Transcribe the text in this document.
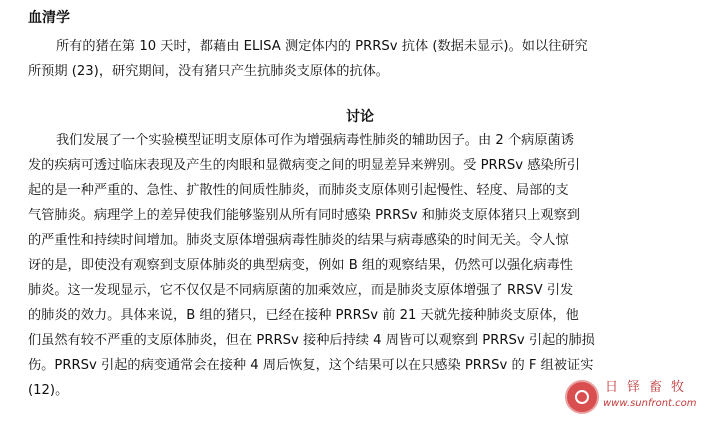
血清学
所有的猪在第 10 天时，都藉由 ELISA 测定体内的 PRRSv 抗体 (数据未显示)。如以往研究
所预期 (23)，研究期间，没有猪只产生抗肺炎支原体的抗体。
讨论
我们发展了一个实验模型证明支原体可作为增强病毒性肺炎的辅助因子。由 2 个病原菌诱
发的疾病可透过临床表现及产生的肉眼和显微病变之间的明显差异来辨别。受 PRRSv 感染所引
起的是一种严重的、急性、扩散性的间质性肺炎，而肺炎支原体则引起慢性、轻度、局部的支
气管肺炎。病理学上的差异使我们能够鉴别从所有同时感染 PRRSv 和肺炎支原体猪只上观察到
的严重性和持续时间增加。肺炎支原体增强病毒性肺炎的结果与病毒感染的时间无关。令人惊
讶的是，即使没有观察到支原体肺炎的典型病变，例如 B 组的观察结果，仍然可以强化病毒性
肺炎。这一发现显示，它不仅仅是不同病原菌的加乘效应，而是肺炎支原体增强了 RRSV 引发
的肺炎的效力。具体来说，B 组的猪只，已经在接种 PRRSv 前 21 天就先接种肺炎支原体，他
们虽然有较不严重的支原体肺炎，但在 PRRSv 接种后持续 4 周皆可以观察到 PRRSv 引起的肺损
伤。PRRSv 引起的病变通常会在接种 4 周后恢复，这个结果可以在只感染 PRRSv 的 F 组被证实
(12)。	日铎畜牧
www.sunfront.com
